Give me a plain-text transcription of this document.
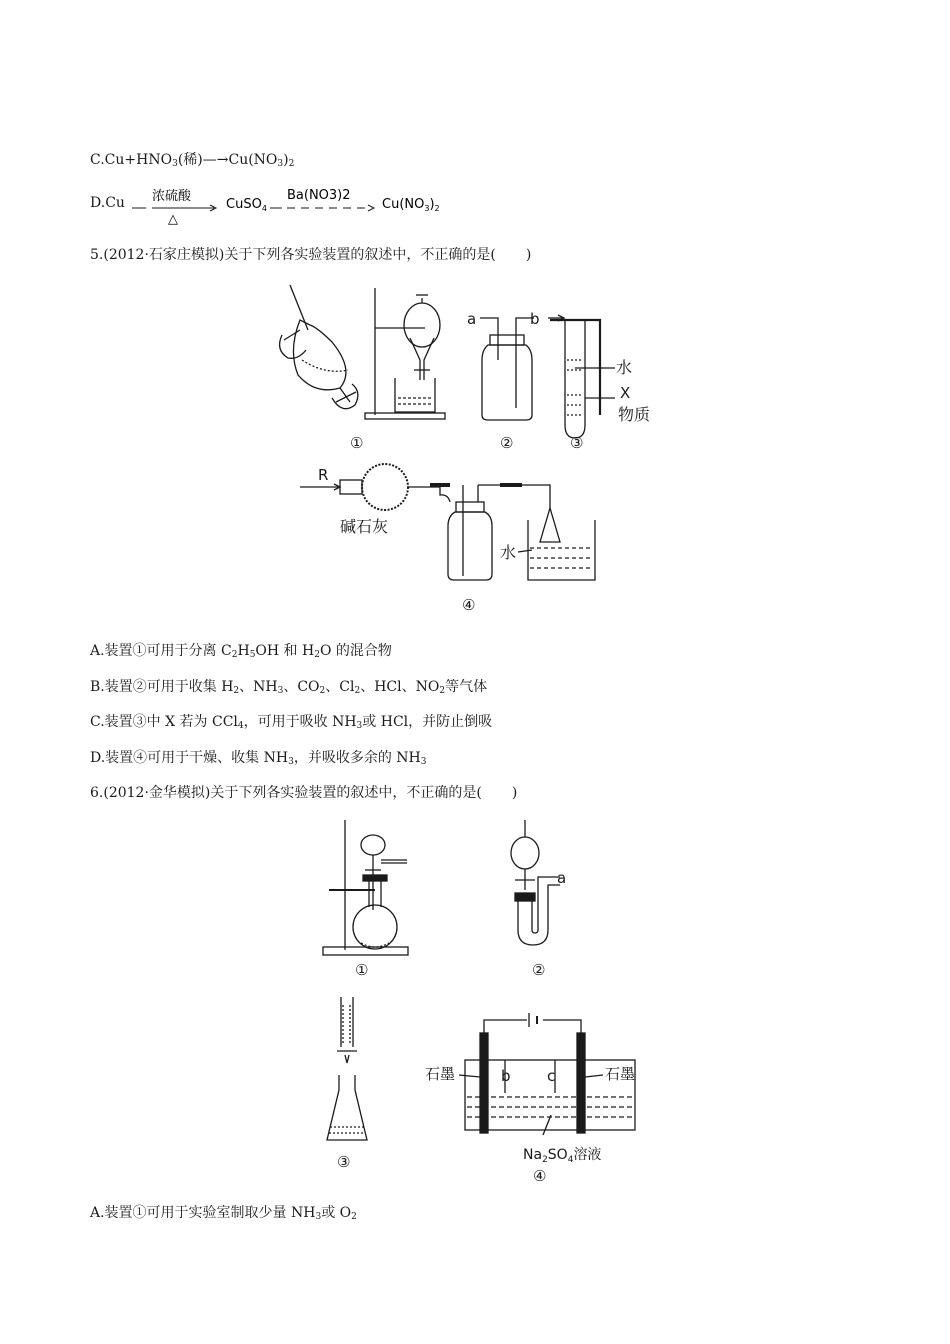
$C.Cu+HNO_3$(稀)$—\to Cu(NO_3)_2$
D.Cu 浓硫酸
△
CuSO$_4$
Ba(NO3)2
$Cu(NO_3)_2$
5.(2012·石家庄模拟)关于下列各实验装置的叙述中，不正确的是( )
①	②	③
④
a	b
水
X
物质
R
碱石灰
水
A.装置①可用于分离 $C_2H_5OH$ 和 $H_2O$ 的混合物
B.装置②可用于收集 $H_2$、$NH_3$、$CO_2$、$Cl_2$、HCl、$NO_2$等气体
C.装置③中 X 若为 CCl$_4$，可用于吸收 $NH_3$或 HCl，并防止倒吸
D.装置④可用于干燥、收集 $NH_3$，并吸收多余的 $NH_3$
6.(2012·金华模拟)关于下列各实验装置的叙述中，不正确的是( )
①	②
③
④
a
b c
石墨	石墨
$Na_2SO_4$溶液
A.装置①可用于实验室制取少量 $NH_3$或 $O_2$
